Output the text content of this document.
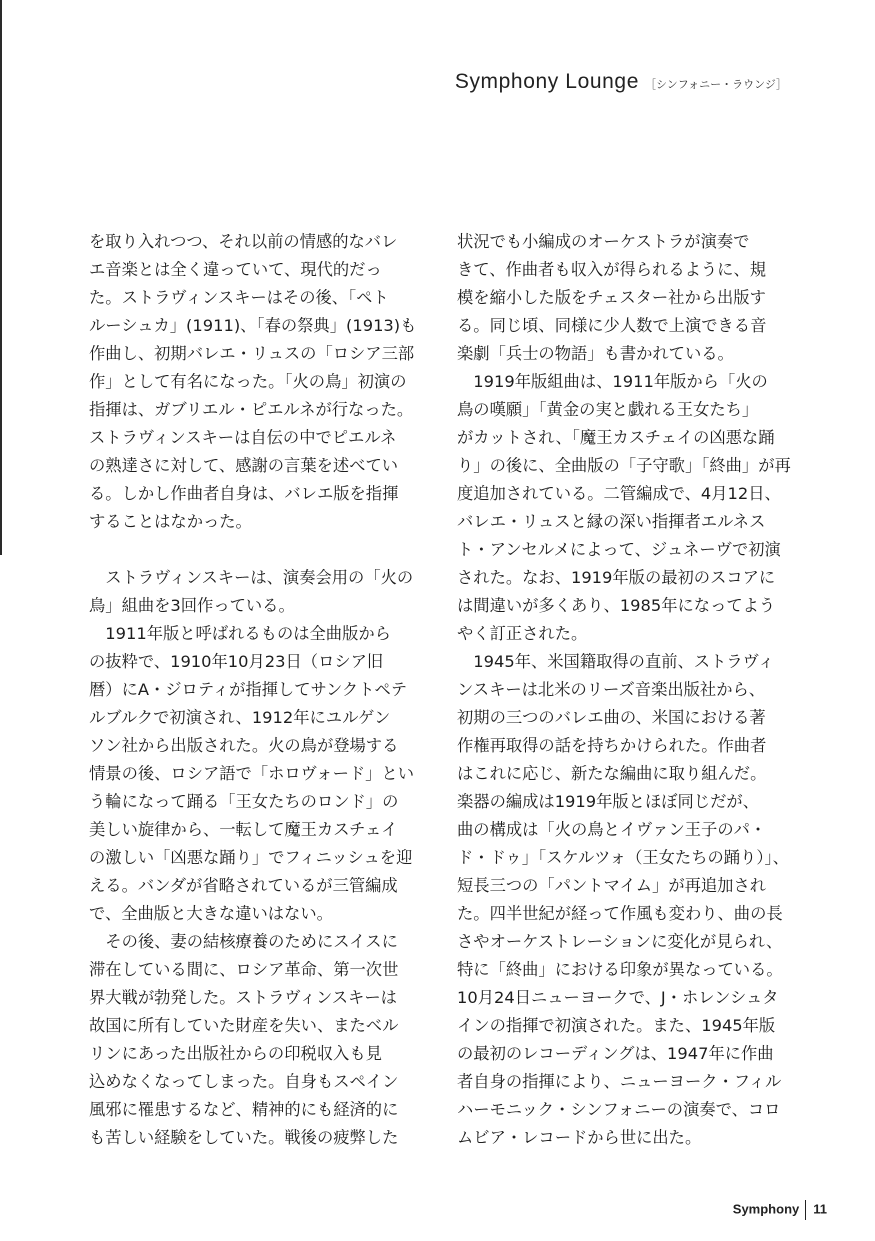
Symphony Lounge ［シンフォニー・ラウンジ］
を取り入れつつ、それ以前の情感的なバレ
エ音楽とは全く違っていて、現代的だっ
た。ストラヴィンスキーはその後、「ペト
ルーシュカ」(1911)、「春の祭典」(1913)も
作曲し、初期バレエ・リュスの「ロシア三部
作」として有名になった。「火の鳥」初演の
指揮は、ガブリエル・ピエルネが行なった。
ストラヴィンスキーは自伝の中でピエルネ
の熟達さに対して、感謝の言葉を述べてい
る。しかし作曲者自身は、バレエ版を指揮
することはなかった。
　ストラヴィンスキーは、演奏会用の「火の
鳥」組曲を3回作っている。
　1911年版と呼ばれるものは全曲版から
の抜粋で、1910年10月23日（ロシア旧
暦）にA・ジロティが指揮してサンクトペテ
ルブルクで初演され、1912年にユルゲン
ソン社から出版された。火の鳥が登場する
情景の後、ロシア語で「ホロヴォード」とい
う輪になって踊る「王女たちのロンド」の
美しい旋律から、一転して魔王カスチェイ
の激しい「凶悪な踊り」でフィニッシュを迎
える。バンダが省略されているが三管編成
で、全曲版と大きな違いはない。
　その後、妻の結核療養のためにスイスに
滞在している間に、ロシア革命、第一次世
界大戦が勃発した。ストラヴィンスキーは
故国に所有していた財産を失い、またベル
リンにあった出版社からの印税収入も見
込めなくなってしまった。自身もスペイン
風邪に罹患するなど、精神的にも経済的に
も苦しい経験をしていた。戦後の疲弊した
状況でも小編成のオーケストラが演奏で
きて、作曲者も収入が得られるように、規
模を縮小した版をチェスター社から出版す
る。同じ頃、同様に少人数で上演できる音
楽劇「兵士の物語」も書かれている。
　1919年版組曲は、1911年版から「火の
鳥の嘆願」「黄金の実と戯れる王女たち」
がカットされ、「魔王カスチェイの凶悪な踊
り」の後に、全曲版の「子守歌」「終曲」が再
度追加されている。二管編成で、4月12日、
バレエ・リュスと縁の深い指揮者エルネス
ト・アンセルメによって、ジュネーヴで初演
された。なお、1919年版の最初のスコアに
は間違いが多くあり、1985年になってよう
やく訂正された。
　1945年、米国籍取得の直前、ストラヴィ
ンスキーは北米のリーズ音楽出版社から、
初期の三つのバレエ曲の、米国における著
作権再取得の話を持ちかけられた。作曲者
はこれに応じ、新たな編曲に取り組んだ。
楽器の編成は1919年版とほぼ同じだが、
曲の構成は「火の鳥とイヴァン王子のパ・
ド・ドゥ」「スケルツォ（王女たちの踊り）」、
短長三つの「パントマイム」が再追加され
た。四半世紀が経って作風も変わり、曲の長
さやオーケストレーションに変化が見られ、
特に「終曲」における印象が異なっている。
10月24日ニューヨークで、J・ホレンシュタ
インの指揮で初演された。また、1945年版
の最初のレコーディングは、1947年に作曲
者自身の指揮により、ニューヨーク・フィル
ハーモニック・シンフォニーの演奏で、コロ
ムビア・レコードから世に出た。
Symphony 11
